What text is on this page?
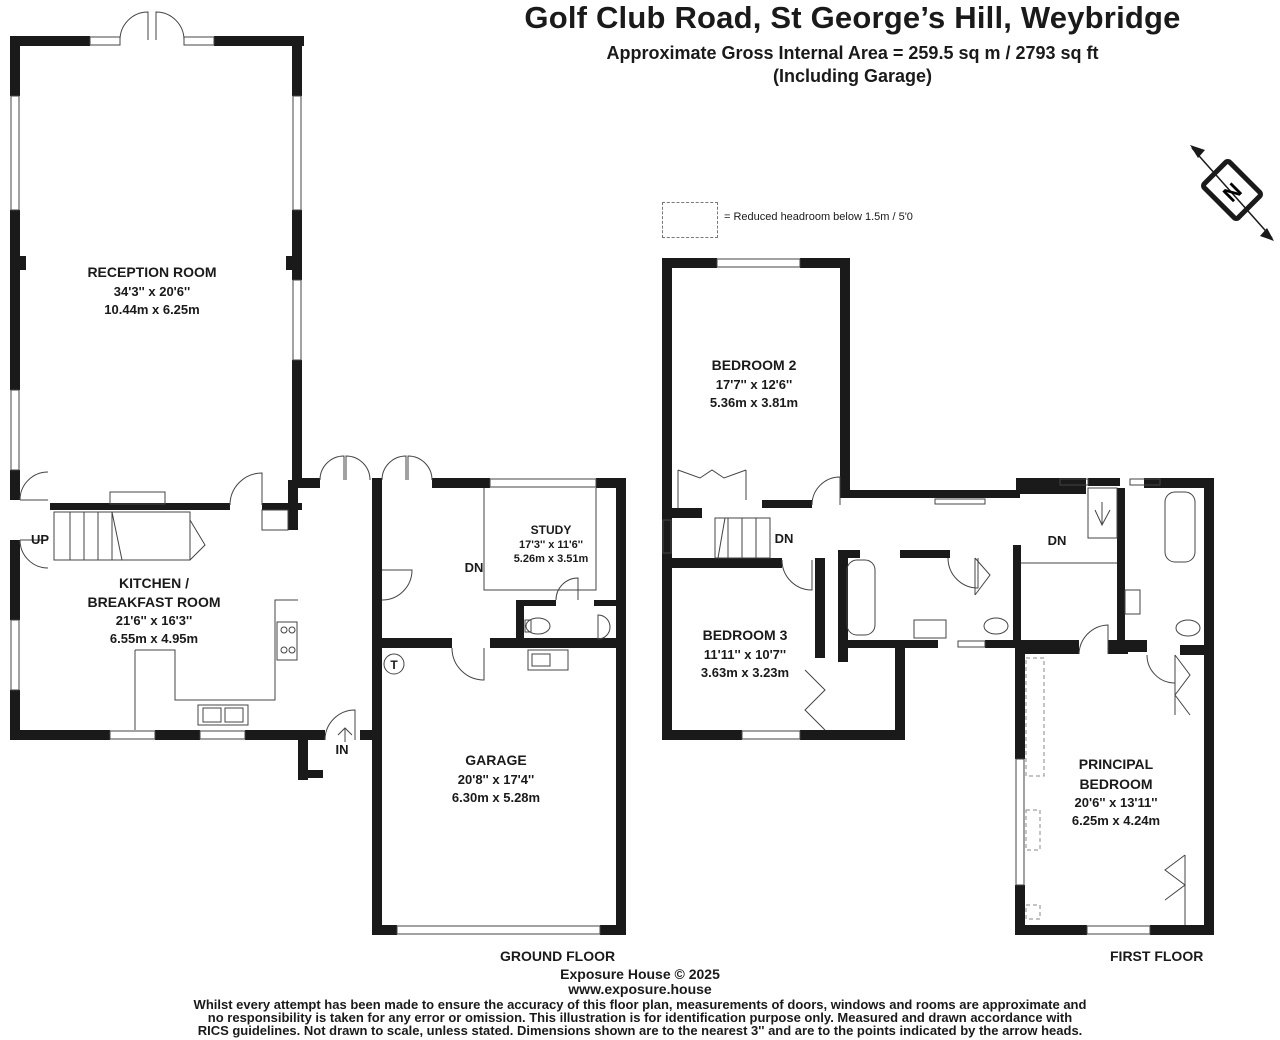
Golf Club Road, St George’s Hill, Weybridge
Approximate Gross Internal Area = 259.5 sq m / 2793 sq ft
(Including Garage)
= Reduced headroom below 1.5m / 5'0
N
RECEPTION ROOM
34'3'' x 20'6''
10.44m x 6.25m
KITCHEN /
BREAKFAST ROOM
21'6'' x 16'3''
6.55m x 4.95m
STUDY
17'3'' x 11'6''
5.26m x 3.51m
GARAGE
20'8'' x 17'4''
6.30m x 5.28m
BEDROOM 2
17'7'' x 12'6''
5.36m x 3.81m
BEDROOM 3
11'11'' x 10'7''
3.63m x 3.23m
PRINCIPAL
BEDROOM
20'6'' x 13'11''
6.25m x 4.24m
UP
DN
DN	DN
IN
T
GROUND FLOOR	FIRST FLOOR
Exposure House © 2025
www.exposure.house
Whilst every attempt has been made to ensure the accuracy of this floor plan, measurements of doors, windows and rooms are approximate and
no responsibility is taken for any error or omission. This illustration is for identification purpose only. Measured and drawn accordance with
RICS guidelines. Not drawn to scale, unless stated. Dimensions shown are to the nearest 3'' and are to the points indicated by the arrow heads.
